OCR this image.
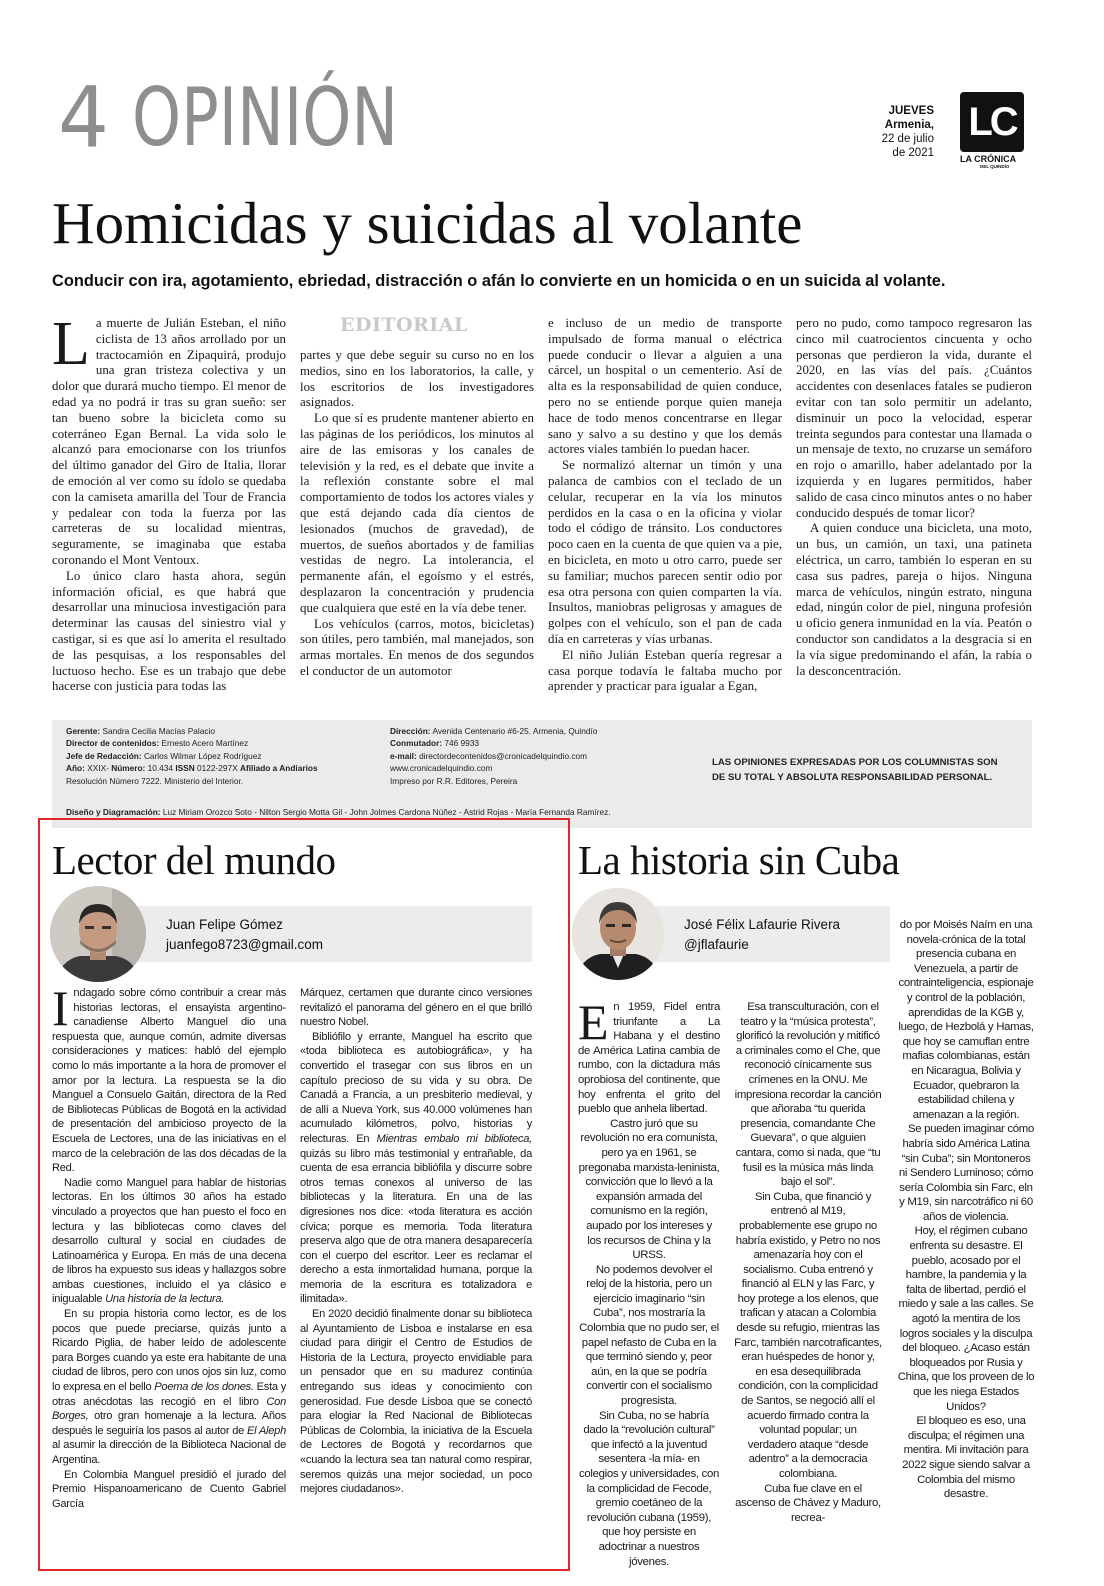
4 OPINIÓN	JUEVES
Armenia,
22 de julio
de 2021
LC
LA CRÓNICA
DEL QUINDÍO
Homicidas y suicidas al volante
Conducir con ira, agotamiento, ebriedad, distracción o afán lo convierte en un homicida o en un suicida al volante.
EDITORIAL

La muerte de Julián Esteban, el niño ciclista de 13 años arrollado por un tractocamión en Zipaquirá, produjo una gran tristeza colectiva y un dolor que durará mucho tiempo. El menor de edad ya no podrá ir tras su gran sueño: ser tan bueno sobre la bicicleta como su coterráneo Egan Bernal. La vida solo le alcanzó para emocionarse con los triunfos del último ganador del Giro de Italia, llorar de emoción al ver como su ídolo se quedaba con la camiseta amarilla del Tour de Francia y pedalear con toda la fuerza por las carreteras de su localidad mientras, seguramente, se imaginaba que estaba coronando el Mont Ventoux.

Lo único claro hasta ahora, según información oficial, es que habrá que desarrollar una minuciosa investigación para determinar las causas del siniestro vial y castigar, si es que así lo amerita el resultado de las pesquisas, a los responsables del luctuoso hecho. Ese es un trabajo que debe hacerse con justicia para todas las

partes y que debe seguir su curso no en los medios, sino en los laboratorios, la calle, y los escritorios de los investigadores asignados.

Lo que sí es prudente mantener abierto en las páginas de los periódicos, los minutos al aire de las emisoras y los canales de televisión y la red, es el debate que invite a la reflexión constante sobre el mal comportamiento de todos los actores viales y que está dejando cada día cientos de lesionados (muchos de gravedad), de muertos, de sueños abortados y de familias vestidas de negro. La intolerancia, el permanente afán, el egoísmo y el estrés, desplazaron la concentración y prudencia que cualquiera que esté en la vía debe tener.

Los vehículos (carros, motos, bicicletas) son útiles, pero también, mal manejados, son armas mortales. En menos de dos segundos el conductor de un automotor

e incluso de un medio de transporte impulsado de forma manual o eléctrica puede conducir o llevar a alguien a una cárcel, un hospital o un cementerio. Así de alta es la responsabilidad de quien conduce, pero no se entiende porque quien maneja hace de todo menos concentrarse en llegar sano y salvo a su destino y que los demás actores viales también lo puedan hacer.

Se normalizó alternar un timón y una palanca de cambios con el teclado de un celular, recuperar en la vía los minutos perdidos en la casa o en la oficina y violar todo el código de tránsito. Los conductores poco caen en la cuenta de que quien va a pie, en bicicleta, en moto u otro carro, puede ser su familiar; muchos parecen sentir odio por esa otra persona con quien comparten la vía. Insultos, maniobras peligrosas y amagues de golpes con el vehículo, son el pan de cada día en carreteras y vías urbanas.

El niño Julián Esteban quería regresar a casa porque todavía le faltaba mucho por aprender y practicar para igualar a Egan,

pero no pudo, como tampoco regresaron las cinco mil cuatrocientos cincuenta y ocho personas que perdieron la vida, durante el 2020, en las vías del país. ¿Cuántos accidentes con desenlaces fatales se pudieron evitar con tan solo permitir un adelanto, disminuir un poco la velocidad, esperar treinta segundos para contestar una llamada o un mensaje de texto, no cruzarse un semáforo en rojo o amarillo, haber adelantado por la izquierda y en lugares permitidos, haber salido de casa cinco minutos antes o no haber conducido después de tomar licor?

A quien conduce una bicicleta, una moto, un bus, un camión, un taxi, una patineta eléctrica, un carro, también lo esperan en su casa sus padres, pareja o hijos. Ninguna marca de vehículos, ningún estrato, ninguna edad, ningún color de piel, ninguna profesión u oficio genera inmunidad en la vía. Peatón o conductor son candidatos a la desgracia si en la vía sigue predominando el afán, la rabia o la desconcentración.

Gerente: Sandra Cecilia Macías Palacio
Director de contenidos: Ernesto Acero Martínez
Jefe de Redacción: Carlos Wilmar López Rodríguez
Año: XXIX- Número: 10.434 ISSN 0122-297X Afiliado a Andiarios
Resolución Número 7222. Ministerio del Interior.
Dirección: Avenida Centenario #6-25. Armenia, Quindío
Conmutador: 746 9933
e-mail: directordecontenidos@cronicadelquindio.com
www.cronicadelquindio.com
Impreso por R.R. Editores, Pereira
Diseño y Diagramación: Luz Miriam Orozco Soto - Nilton Sergio Motta Gil - John Jolmes Cardona Núñez - Astrid Rojas - María Fernanda Ramírez.
LAS OPINIONES EXPRESADAS POR LOS COLUMNISTAS SON
DE SU TOTAL Y ABSOLUTA RESPONSABILIDAD PERSONAL.
Lector del mundo
Juan Felipe Gómez
juanfego8723@gmail.com

Indagado sobre cómo contribuir a crear más historias lectoras, el ensayista argentino-canadiense Alberto Manguel dio una respuesta que, aunque común, admite diversas consideraciones y matices: habló del ejemplo como lo más importante a la hora de promover el amor por la lectura. La respuesta se la dio Manguel a Consuelo Gaitán, directora de la Red de Bibliotecas Públicas de Bogotá en la actividad de presentación del ambicioso proyecto de la Escuela de Lectores, una de las iniciativas en el marco de la celebración de las dos décadas de la Red.

Nadie como Manguel para hablar de historias lectoras. En los últimos 30 años ha estado vinculado a proyectos que han puesto el foco en lectura y las bibliotecas como claves del desarrollo cultural y social en ciudades de Latinoamérica y Europa. En más de una decena de libros ha expuesto sus ideas y hallazgos sobre ambas cuestiones, incluido el ya clásico e inigualable Una historia de la lectura.

En su propia historia como lector, es de los pocos que puede preciarse, quizás junto a Ricardo Piglia, de haber leído de adolescente para Borges cuando ya este era habitante de una ciudad de libros, pero con unos ojos sin luz, como lo expresa en el bello Poema de los dones. Esta y otras anécdotas las recogió en el libro Con Borges, otro gran homenaje a la lectura. Años después le seguiría los pasos al autor de El Aleph al asumir la dirección de la Biblioteca Nacional de Argentina.

En Colombia Manguel presidió el jurado del Premio Hispanoamericano de Cuento Gabriel García

Márquez, certamen que durante cinco versiones revitalizó el panorama del género en el que brilló nuestro Nobel.

Bibliófilo y errante, Manguel ha escrito que «toda biblioteca es autobiográfica», y ha convertido el trasegar con sus libros en un capítulo precioso de su vida y su obra. De Canadá a Francia, a un presbiterio medieval, y de allí a Nueva York, sus 40.000 volúmenes han acumulado kilómetros, polvo, historias y relecturas. En Mientras embalo mi biblioteca, quizás su libro más testimonial y entrañable, da cuenta de esa errancia bibliófila y discurre sobre otros temas conexos al universo de las bibliotecas y la literatura. En una de las digresiones nos dice: «toda literatura es acción cívica; porque es memoria. Toda literatura preserva algo que de otra manera desaparecería con el cuerpo del escritor. Leer es reclamar el derecho a esta inmortalidad humana, porque la memoria de la escritura es totalizadora e ilimitada».

En 2020 decidió finalmente donar su biblioteca al Ayuntamiento de Lisboa e instalarse en esa ciudad para dirigir el Centro de Estudios de Historia de la Lectura, proyecto envidiable para un pensador que en su madurez continúa entregando sus ideas y conocimiento con generosidad. Fue desde Lisboa que se conectó para elogiar la Red Nacional de Bibliotecas Públicas de Colombia, la iniciativa de la Escuela de Lectores de Bogotá y recordarnos que «cuando la lectura sea tan natural como respirar, seremos quizás una mejor sociedad, un poco mejores ciudadanos».

La historia sin Cuba
José Félix Lafaurie Rivera
@jflafaurie

En 1959, Fidel entra triunfante a La Habana y el destino de América Latina cambia de rumbo, con la dictadura más oprobiosa del continente, que hoy enfrenta el grito del pueblo que anhela libertad.

Castro juró que su revolución no era comunista, pero ya en 1961, se pregonaba marxista-leninista, convicción que lo llevó a la expansión armada del comunismo en la región, aupado por los intereses y los recursos de China y la URSS.

No podemos devolver el reloj de la historia, pero un ejercicio imaginario “sin Cuba”, nos mostraría la Colombia que no pudo ser, el papel nefasto de Cuba en la que terminó siendo y, peor aún, en la que se podría convertir con el socialismo progresista.

Sin Cuba, no se habría dado la “revolución cultural” que infectó a la juventud sesentera -la mía- en colegios y universidades, con la complicidad de Fecode, gremio coetáneo de la revolución cubana (1959), que hoy persiste en adoctrinar a nuestros jóvenes.

Esa transculturación, con el teatro y la “música protesta”, glorificó la revolución y mitificó a criminales como el Che, que reconoció cínicamente sus crímenes en la ONU. Me impresiona recordar la canción que añoraba “tu querida presencia, comandante Che Guevara”, o que alguien cantara, como si nada, que “tu fusil es la música más linda bajo el sol”.

Sin Cuba, que financió y entrenó al M19, probablemente ese grupo no habría existido, y Petro no nos amenazaría hoy con el socialismo. Cuba entrenó y financió al ELN y las Farc, y hoy protege a los elenos, que trafican y atacan a Colombia desde su refugio, mientras las Farc, también narcotraficantes, eran huéspedes de honor y, en esa desequilibrada condición, con la complicidad de Santos, se negoció allí el acuerdo firmado contra la voluntad popular; un verdadero ataque “desde adentro” a la democracia colombiana.

Cuba fue clave en el ascenso de Chávez y Maduro, recrea-

do por Moisés Naím en una novela-crónica de la total presencia cubana en Venezuela, a partir de contrainteligencia, espionaje y control de la población, aprendidas de la KGB y, luego, de Hezbolá y Hamas, que hoy se camuflan entre mafias colombianas, están en Nicaragua, Bolivia y Ecuador, quebraron la estabilidad chilena y amenazan a la región.

Se pueden imaginar cómo habría sido América Latina “sin Cuba”; sin Montoneros ni Sendero Luminoso; cómo sería Colombia sin Farc, eln y M19, sin narcotráfico ni 60 años de violencia.

Hoy, el régimen cubano enfrenta su desastre. El pueblo, acosado por el hambre, la pandemia y la falta de libertad, perdió el miedo y sale a las calles. Se agotó la mentira de los logros sociales y la disculpa del bloqueo. ¿Acaso están bloqueados por Rusia y China, que los proveen de lo que les niega Estados Unidos?

El bloqueo es eso, una disculpa; el régimen una mentira. Mi invitación para 2022 sigue siendo salvar a Colombia del mismo desastre.
